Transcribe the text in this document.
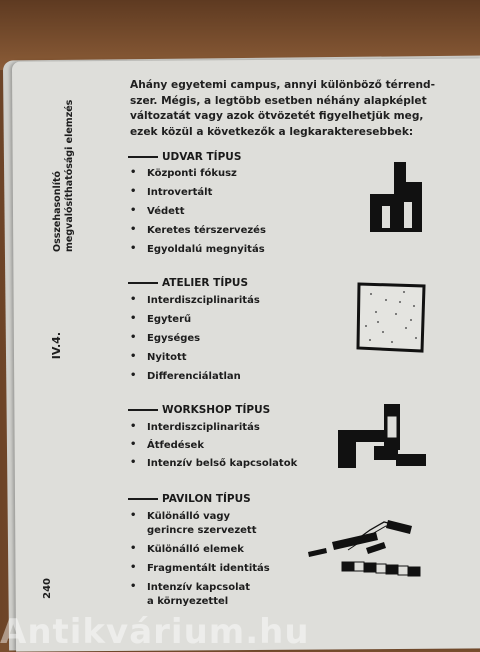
Összehasonlító megvalósíthatósági elemzés
IV.4.
240
Ahány egyetemi campus, annyi különböző térrend-
szer. Mégis, a legtöbb esetben néhány alapképlet
változatát vagy azok ötvözetét figyelhetjük meg,
ezek közül a következők a legkarakteresebbek:
UDVAR TÍPUS
•	Központi fókusz
•	Introvertált
•	Védett
•	Keretes térszervezés
•	Egyoldalú megnyitás
ATELIER TÍPUS
•	Interdiszciplinaritás
•	Egyterű
•	Egységes
•	Nyitott
•	Differenciálatlan
WORKSHOP TÍPUS
•	Interdiszciplinaritás
•	Átfedések
•	Intenzív belső kapcsolatok
PAVILON TÍPUS
•	Különálló vagy
gerincre szervezett
•	Különálló elemek
•	Fragmentált identitás
•	Intenzív kapcsolat
a környezettel
Antikvárium.hu
